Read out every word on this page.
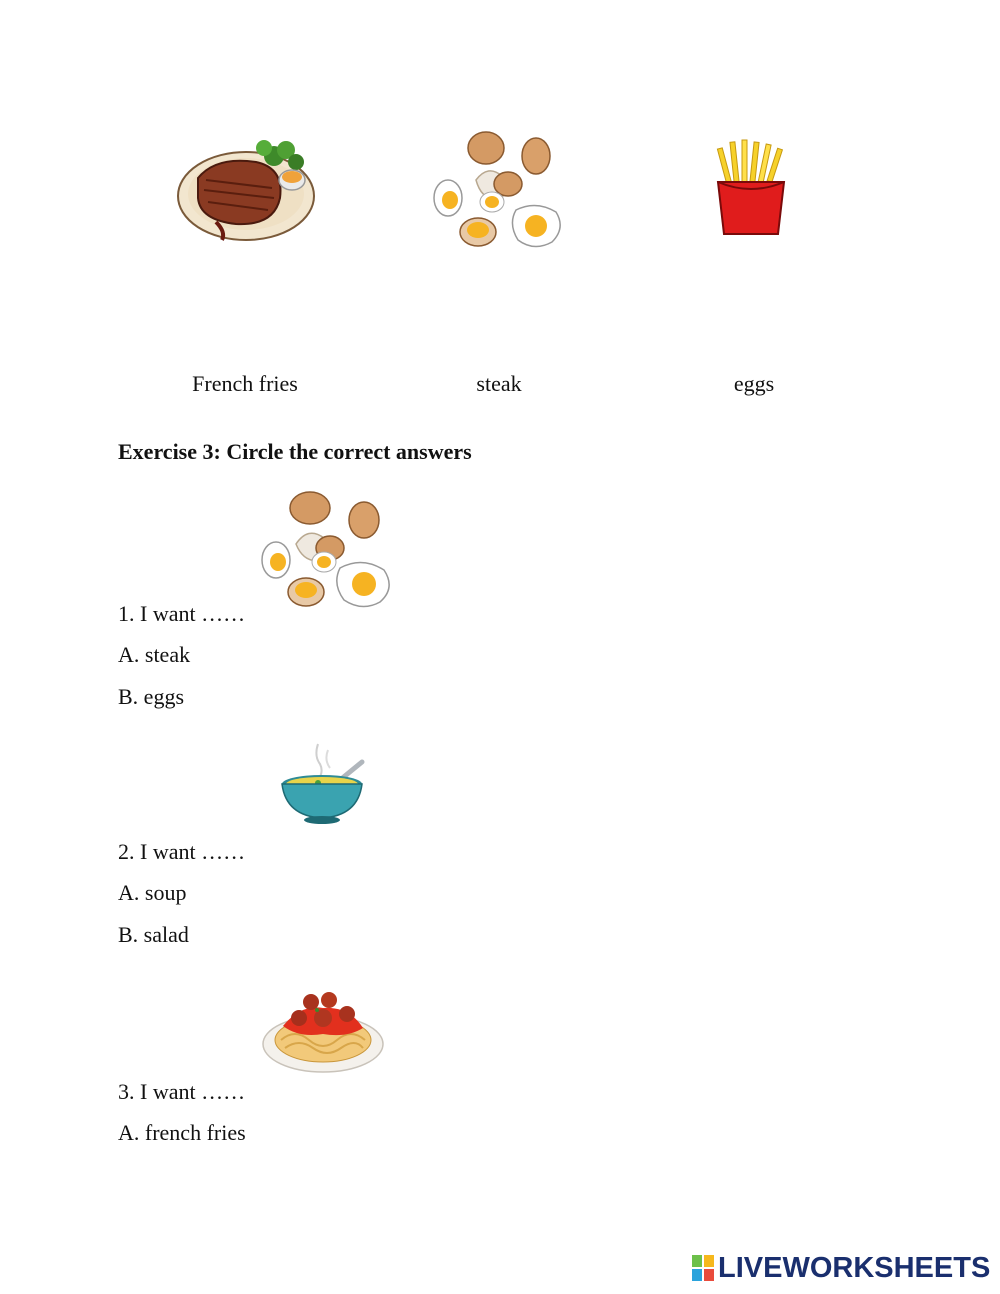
French fries	steak	eggs
Exercise 3: Circle the correct answers
1. I want ……
A. steak
B. eggs
2. I want ……
A. soup
B. salad
3. I want ……
A. french fries
LIVEWORKSHEETS
